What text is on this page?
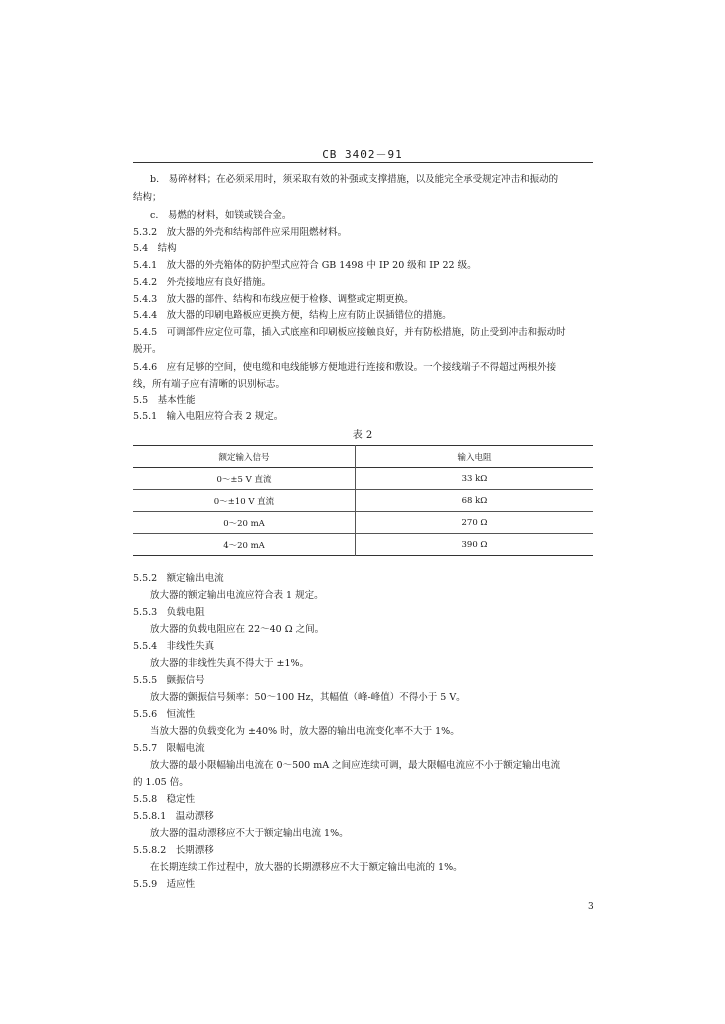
CB 3402－91
b.　易碎材料；在必须采用时，须采取有效的补强或支撑措施，以及能完全承受规定冲击和振动的
结构；
c.　易燃的材料，如镁或镁合金。
5.3.2　放大器的外壳和结构部件应采用阻燃材料。
5.4　结构
5.4.1　放大器的外壳箱体的防护型式应符合 GB 1498 中 IP 20 级和 IP 22 级。
5.4.2　外壳接地应有良好措施。
5.4.3　放大器的部件、结构和布线应便于检修、调整或定期更换。
5.4.4　放大器的印刷电路板应更换方便，结构上应有防止误插错位的措施。
5.4.5　可调部件应定位可靠，插入式底座和印刷板应接触良好，并有防松措施，防止受到冲击和振动时
脱开。
5.4.6　应有足够的空间，使电缆和电线能够方便地进行连接和敷设。一个接线端子不得超过两根外接
线，所有端子应有清晰的识别标志。
5.5　基本性能
5.5.1　输入电阻应符合表 2 规定。
表 2
额定输入信号	输入电阻
0～±5 V 直流	33 kΩ
0～±10 V 直流	68 kΩ
0～20 mA	270 Ω
4～20 mA	390 Ω
5.5.2　额定输出电流
放大器的额定输出电流应符合表 1 规定。
5.5.3　负载电阻
放大器的负载电阻应在 22～40 Ω 之间。
5.5.4　非线性失真
放大器的非线性失真不得大于 ±1%。
5.5.5　颤振信号
放大器的颤振信号频率：50～100 Hz，其幅值（峰-峰值）不得小于 5 V。
5.5.6　恒流性
当放大器的负载变化为 ±40% 时，放大器的输出电流变化率不大于 1%。
5.5.7　限幅电流
放大器的最小限幅输出电流在 0～500 mA 之间应连续可调，最大限幅电流应不小于额定输出电流
的 1.05 倍。
5.5.8　稳定性
5.5.8.1　温动漂移
放大器的温动漂移应不大于额定输出电流 1%。
5.5.8.2　长期漂移
在长期连续工作过程中，放大器的长期漂移应不大于额定输出电流的 1%。
5.5.9　适应性
3
